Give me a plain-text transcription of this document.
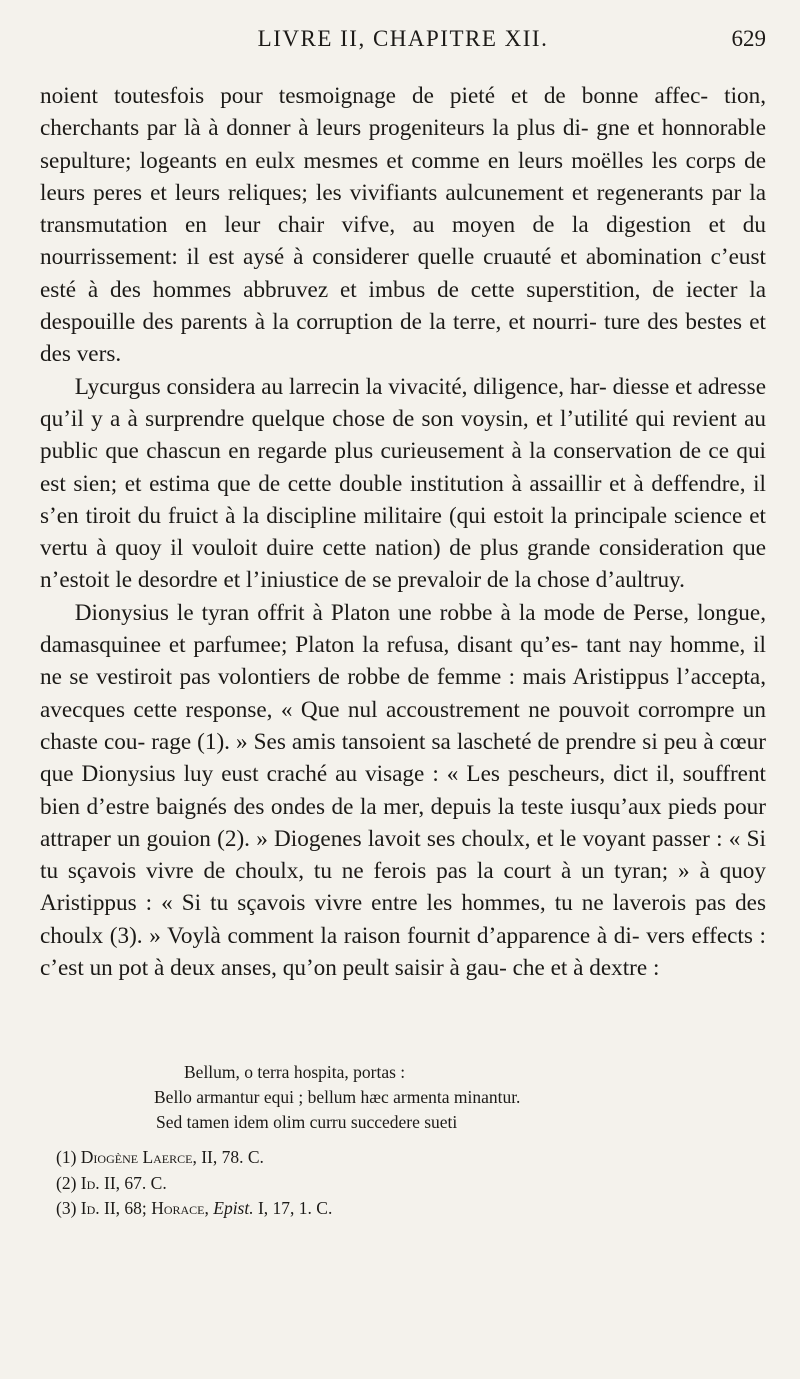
LIVRE II, CHAPITRE XII.	629

noient toutesfois pour tesmoignage de pieté et de bonne affec- tion, cherchants par là à donner à leurs progeniteurs la plus di- gne et honnorable sepulture; logeants en eulx mesmes et comme en leurs moëlles les corps de leurs peres et leurs reliques; les vivifiants aulcunement et regenerants par la transmutation en leur chair vifve, au moyen de la digestion et du nourrissement: il est aysé à considerer quelle cruauté et abomination c’eust esté à des hommes abbruvez et imbus de cette superstition, de iecter la despouille des parents à la corruption de la terre, et nourri- ture des bestes et des vers.

Lycurgus considera au larrecin la vivacité, diligence, har- diesse et adresse qu’il y a à surprendre quelque chose de son voysin, et l’utilité qui revient au public que chascun en regarde plus curieusement à la conservation de ce qui est sien; et estima que de cette double institution à assaillir et à deffendre, il s’en tiroit du fruict à la discipline militaire (qui estoit la principale science et vertu à quoy il vouloit duire cette nation) de plus grande consideration que n’estoit le desordre et l’iniustice de se prevaloir de la chose d’aultruy.

Dionysius le tyran offrit à Platon une robbe à la mode de Perse, longue, damasquinee et parfumee; Platon la refusa, disant qu’es- tant nay homme, il ne se vestiroit pas volontiers de robbe de femme : mais Aristippus l’accepta, avecques cette response, « Que nul accoustrement ne pouvoit corrompre un chaste cou- rage (1). » Ses amis tansoient sa lascheté de prendre si peu à cœur que Dionysius luy eust craché au visage : « Les pescheurs, dict il, souffrent bien d’estre baignés des ondes de la mer, depuis la teste iusqu’aux pieds pour attraper un gouion (2). » Diogenes lavoit ses choulx, et le voyant passer : « Si tu sçavois vivre de choulx, tu ne ferois pas la court à un tyran; » à quoy Aristippus : « Si tu sçavois vivre entre les hommes, tu ne laverois pas des choulx (3). » Voylà comment la raison fournit d’apparence à di- vers effects : c’est un pot à deux anses, qu’on peult saisir à gau- che et à dextre :

Bellum, o terra hospita, portas :
Bello armantur equi ; bellum hæc armenta minantur.
Sed tamen idem olim curru succedere sueti
(1) Diogène Laerce, II, 78. C.
(2) Id. II, 67. C.
(3) Id. II, 68; Horace, Epist. I, 17, 1. C.
